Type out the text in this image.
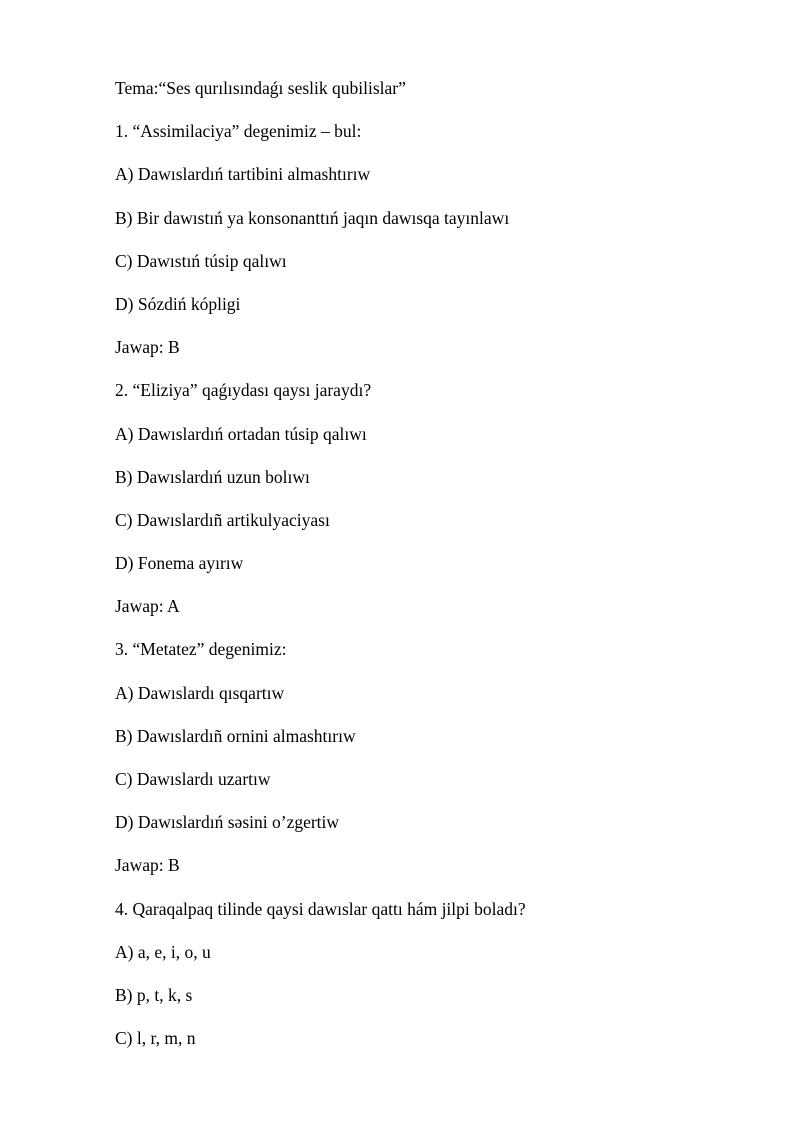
Tema:“Ses qurılısındaǵı seslik qubilislar”
1. “Assimilaciya” degenimiz – bul:
A) Dawıslardıń tartibini almashtırıw
B) Bir dawıstıń ya konsonanttıń jaqın dawısqa tayınlawı
C) Dawıstıń túsip qalıwı
D) Sózdiń kópligi
Jawap: B
2. “Eliziya” qaǵıydası qaysı jaraydı?
A) Dawıslardıń ortadan túsip qalıwı
B) Dawıslardıń uzun bolıwı
C) Dawıslardıñ artikulyaciyası
D) Fonema ayırıw
Jawap: A
3. “Metatez” degenimiz:
A) Dawıslardı qısqartıw
B) Dawıslardıñ ornini almashtırıw
C) Dawıslardı uzartıw
D) Dawıslardıń səsini o’zgertiw
Jawap: B
4. Qaraqalpaq tilinde qaysi dawıslar qattı hám jilpi boladı?
A) a, e, i, o, u
B) p, t, k, s
C) l, r, m, n
